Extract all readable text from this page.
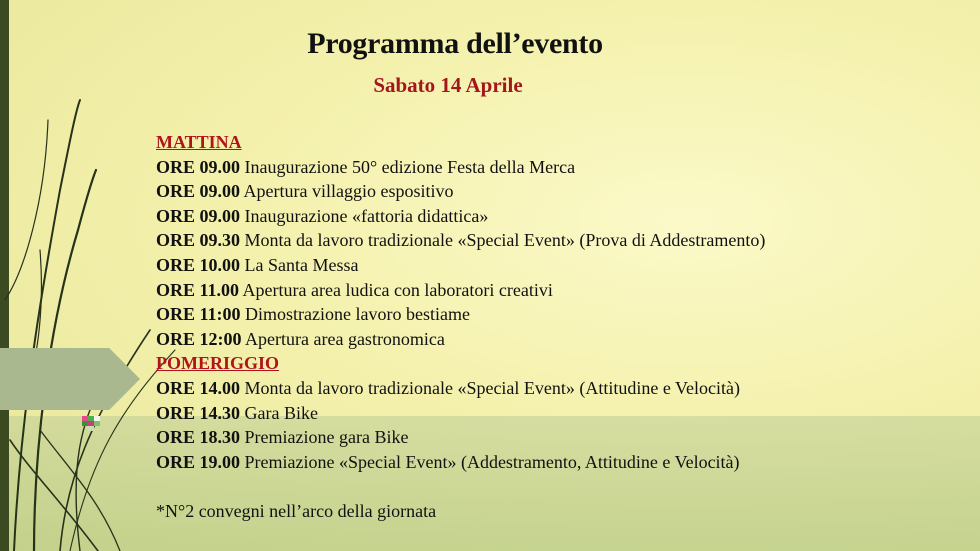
Programma dell’evento
Sabato 14 Aprile
MATTINA
ORE 09.00 Inaugurazione 50° edizione Festa della Merca
ORE 09.00 Apertura villaggio espositivo
ORE 09.00 Inaugurazione «fattoria didattica»
ORE 09.30 Monta da lavoro tradizionale «Special Event» (Prova di Addestramento)
ORE 10.00 La Santa Messa
ORE 11.00 Apertura area ludica con laboratori creativi
ORE 11:00 Dimostrazione lavoro bestiame
ORE 12:00 Apertura area gastronomica
POMERIGGIO
ORE 14.00 Monta da lavoro tradizionale «Special Event» (Attitudine e Velocità)
ORE 14.30 Gara Bike
ORE 18.30 Premiazione gara Bike
ORE 19.00 Premiazione «Special Event» (Addestramento, Attitudine e Velocità)
*N°2 convegni nell’arco della giornata
